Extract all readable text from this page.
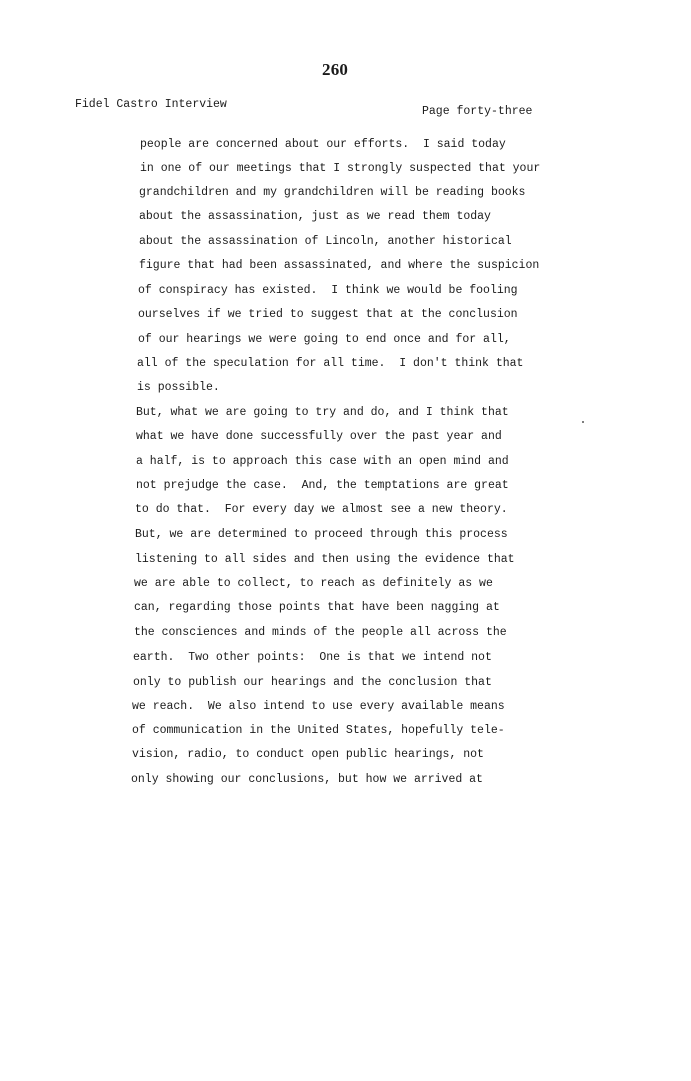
260
Fidel Castro Interview
Page forty-three
people are concerned about our efforts.  I said today
in one of our meetings that I strongly suspected that your
grandchildren and my grandchildren will be reading books
about the assassination, just as we read them today
about the assassination of Lincoln, another historical
figure that had been assassinated, and where the suspicion
of conspiracy has existed.  I think we would be fooling
ourselves if we tried to suggest that at the conclusion
of our hearings we were going to end once and for all,
all of the speculation for all time.  I don't think that
is possible.
But, what we are going to try and do, and I think that
what we have done successfully over the past year and
a half, is to approach this case with an open mind and
not prejudge the case.  And, the temptations are great
to do that.  For every day we almost see a new theory.
But, we are determined to proceed through this process
listening to all sides and then using the evidence that
we are able to collect, to reach as definitely as we
can, regarding those points that have been nagging at
the consciences and minds of the people all across the
earth.  Two other points:  One is that we intend not
only to publish our hearings and the conclusion that
we reach.  We also intend to use every available means
of communication in the United States, hopefully tele-
vision, radio, to conduct open public hearings, not
only showing our conclusions, but how we arrived at
